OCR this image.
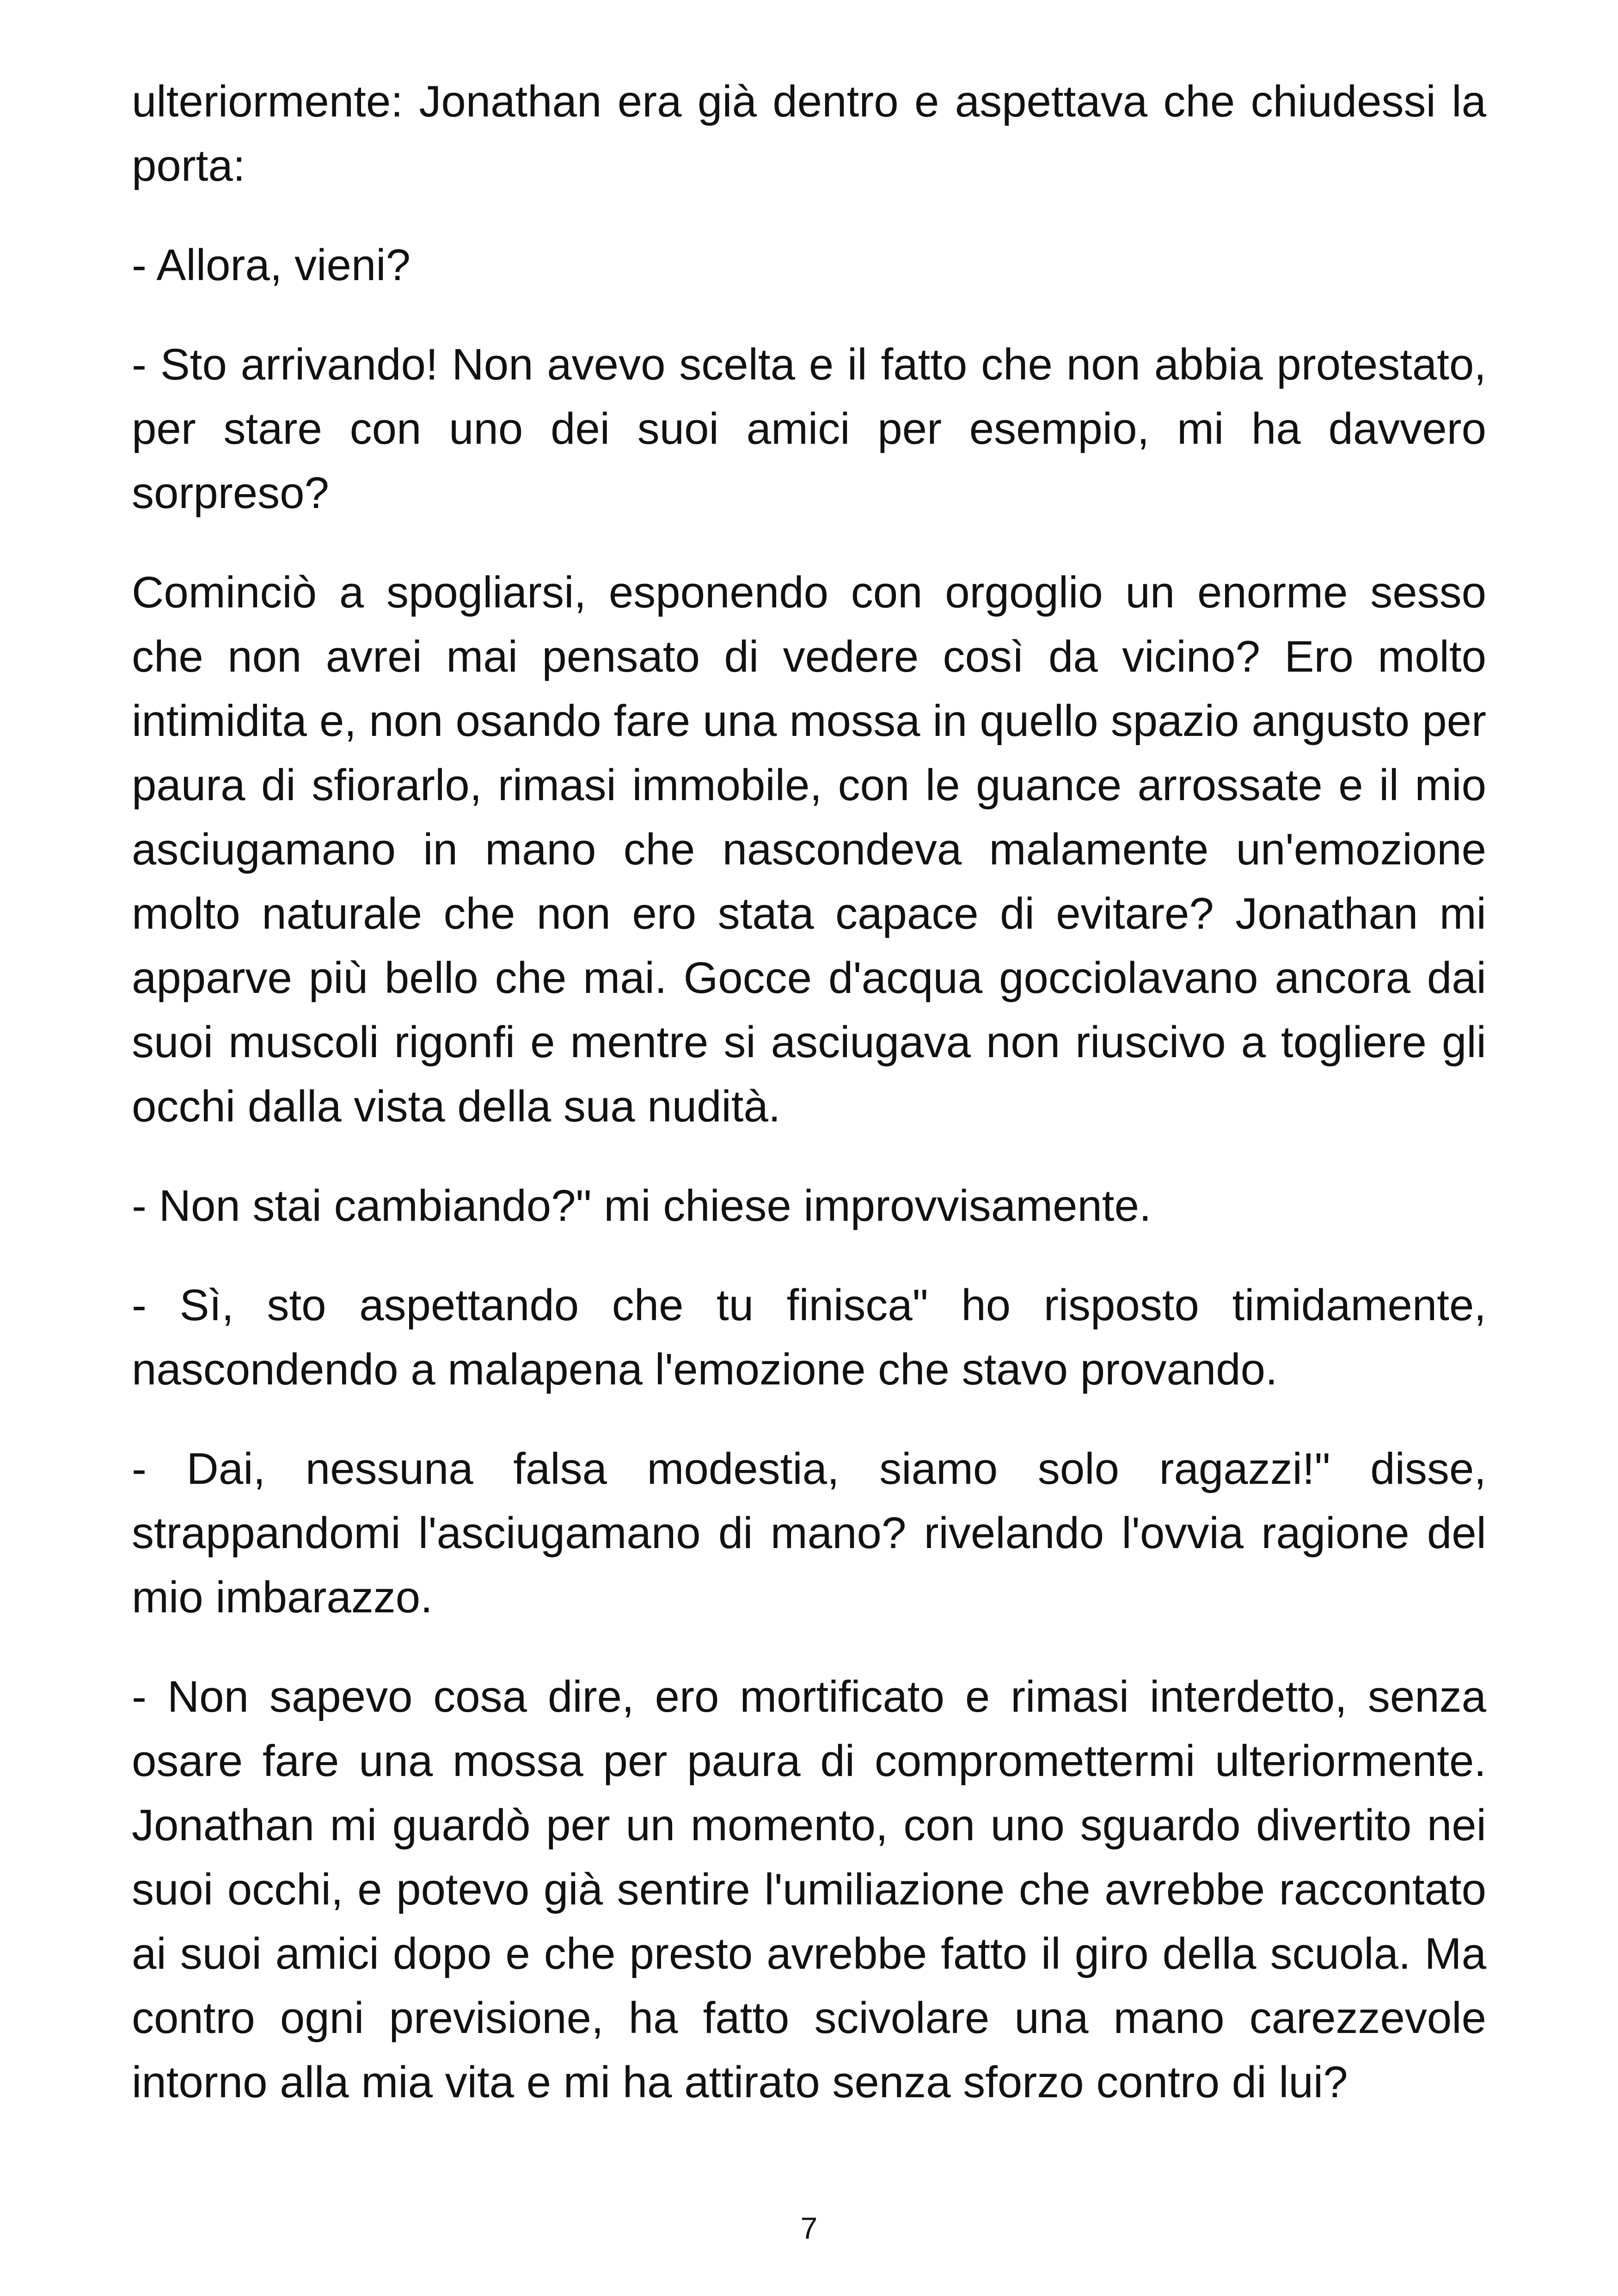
ulteriormente: Jonathan era già dentro e aspettava che chiudessi la porta:

- Allora, vieni?

- Sto arrivando! Non avevo scelta e il fatto che non abbia protestato, per stare con uno dei suoi amici per esempio, mi ha davvero sorpreso?

Cominciò a spogliarsi, esponendo con orgoglio un enorme sesso che non avrei mai pensato di vedere così da vicino? Ero molto intimidita e, non osando fare una mossa in quello spazio angusto per paura di sfiorarlo, rimasi immobile, con le guance arrossate e il mio asciugamano in mano che nascondeva malamente un'emozione molto naturale che non ero stata capace di evitare? Jonathan mi apparve più bello che mai. Gocce d'acqua gocciolavano ancora dai suoi muscoli rigonfi e mentre si asciugava non riuscivo a togliere gli occhi dalla vista della sua nudità.

- Non stai cambiando?" mi chiese improvvisamente.

- Sì, sto aspettando che tu finisca" ho risposto timidamente, nascondendo a malapena l'emozione che stavo provando.

- Dai, nessuna falsa modestia, siamo solo ragazzi!" disse, strappandomi l'asciugamano di mano? rivelando l'ovvia ragione del mio imbarazzo.

- Non sapevo cosa dire, ero mortificato e rimasi interdetto, senza osare fare una mossa per paura di compromettermi ulteriormente. Jonathan mi guardò per un momento, con uno sguardo divertito nei suoi occhi, e potevo già sentire l'umiliazione che avrebbe raccontato ai suoi amici dopo e che presto avrebbe fatto il giro della scuola. Ma contro ogni previsione, ha fatto scivolare una mano carezzevole intorno alla mia vita e mi ha attirato senza sforzo contro di lui?

7
